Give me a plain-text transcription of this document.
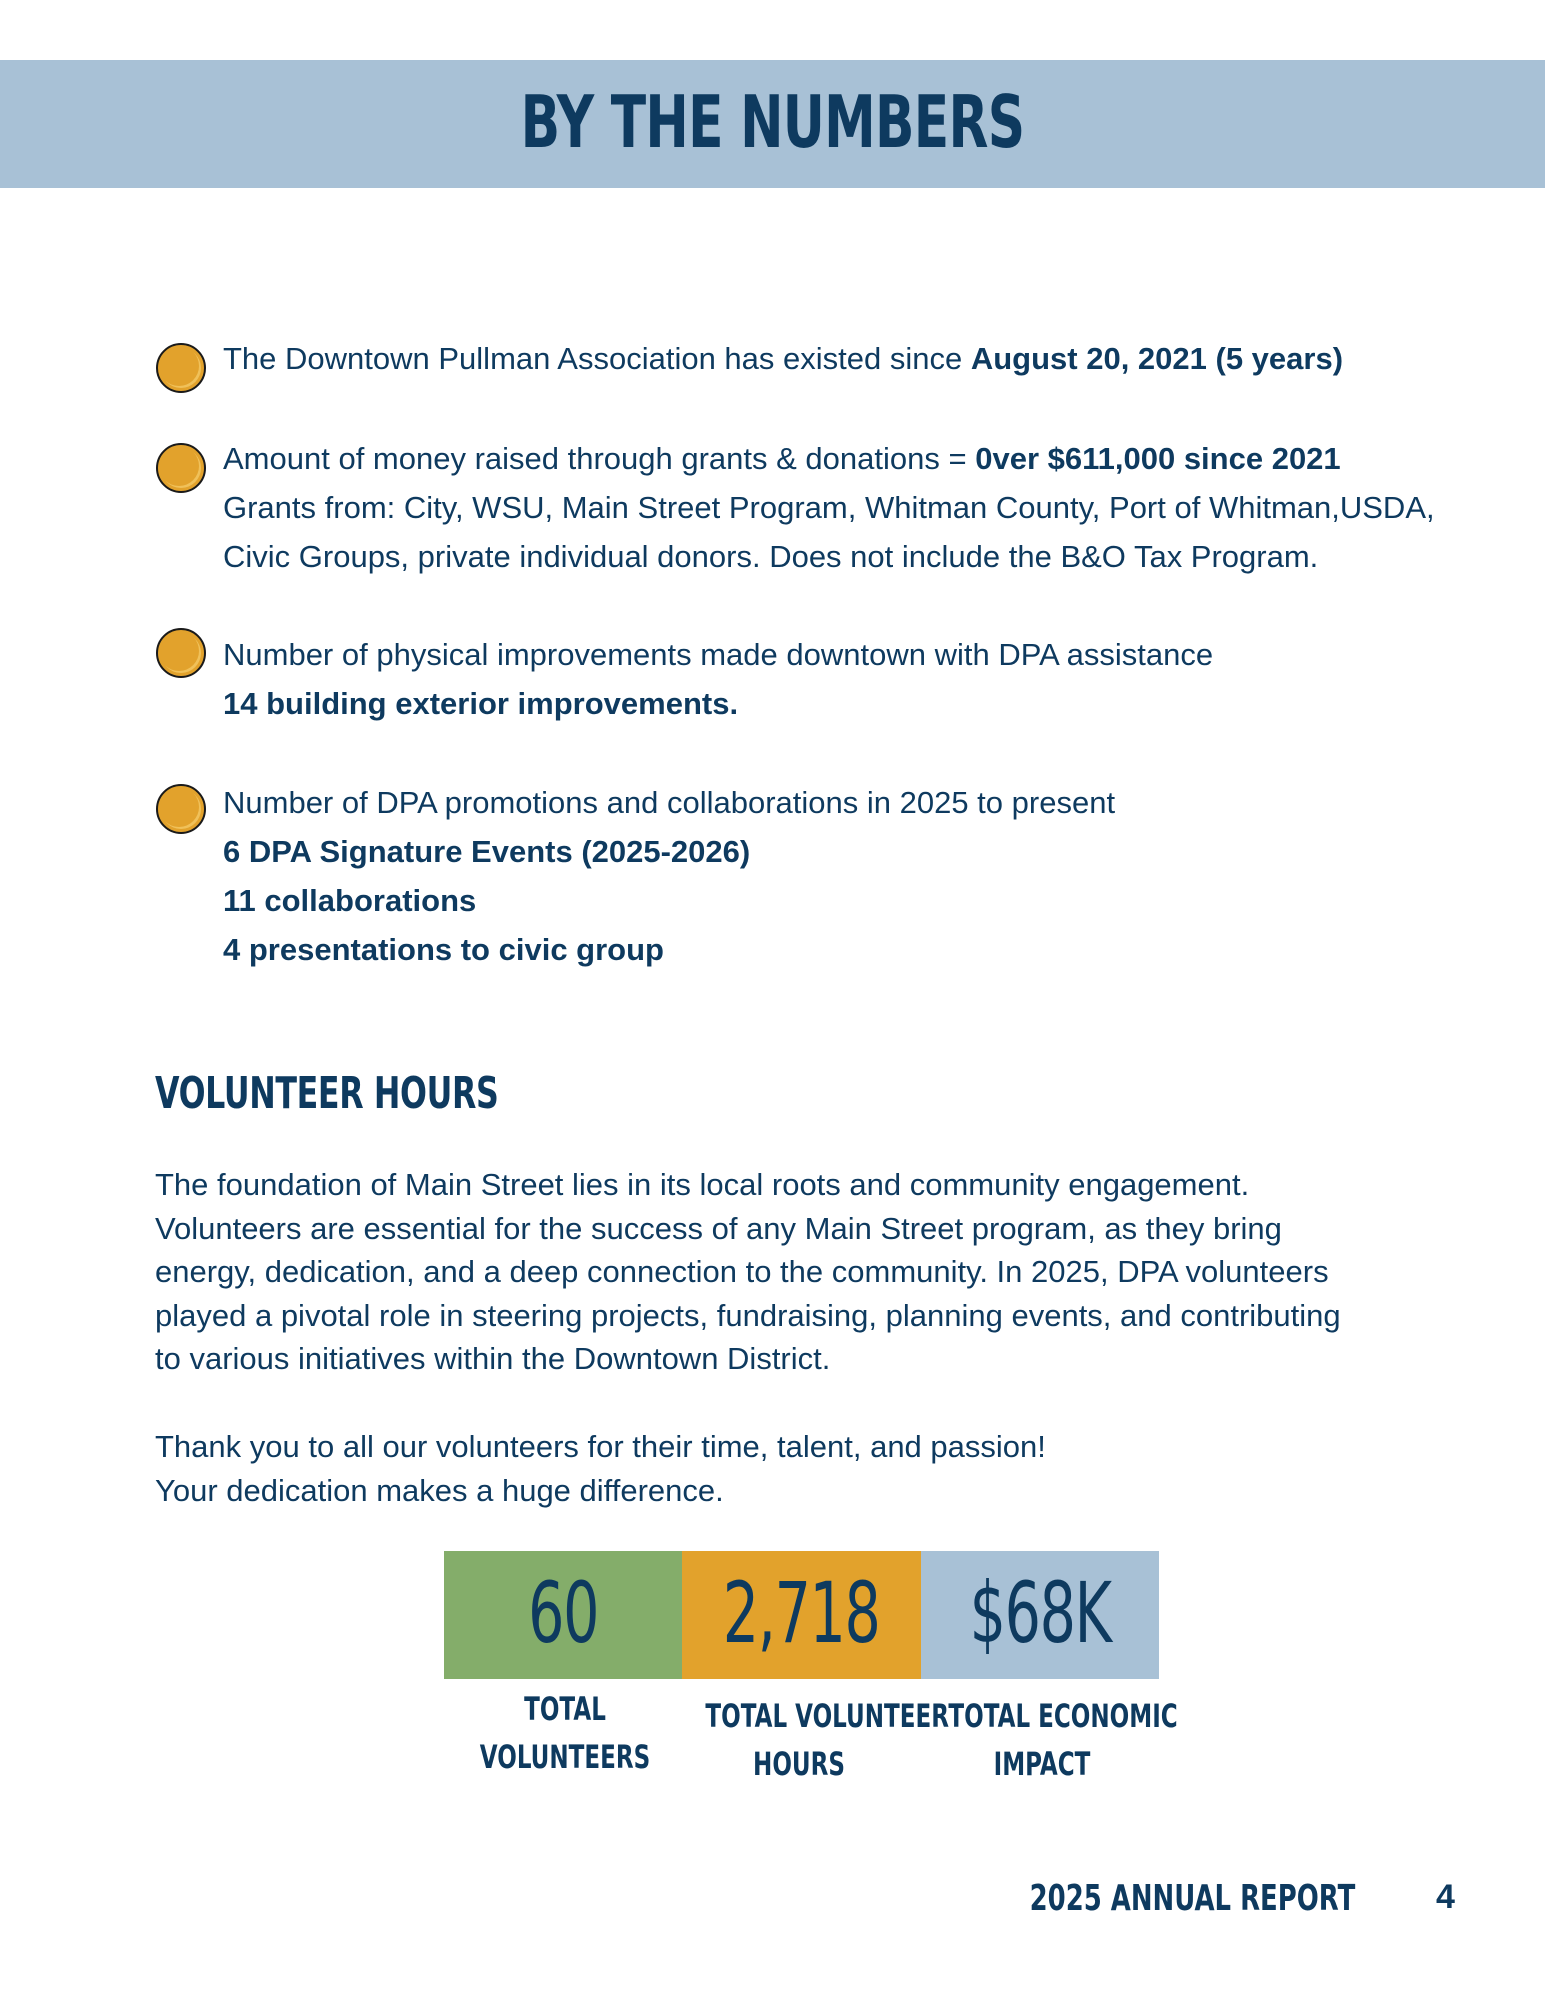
BY THE NUMBERS
The Downtown Pullman Association has existed since August 20, 2021 (5 years)
Amount of money raised through grants & donations = 0ver $611,000 since 2021
Grants from: City, WSU, Main Street Program, Whitman County, Port of Whitman,USDA,
Civic Groups, private individual donors. Does not include the B&O Tax Program.
Number of physical improvements made downtown with DPA assistance
14 building exterior improvements.
Number of DPA promotions and collaborations in 2025 to present
6 DPA Signature Events (2025-2026)
11 collaborations
4 presentations to civic group
VOLUNTEER HOURS
The foundation of Main Street lies in its local roots and community engagement.
Volunteers are essential for the success of any Main Street program, as they bring
energy, dedication, and a deep connection to the community. In 2025, DPA volunteers
played a pivotal role in steering projects, fundraising, planning events, and contributing
to various initiatives within the Downtown District.
Thank you to all our volunteers for their time, talent, and passion!
Your dedication makes a huge difference.
60	2,718 $68K
TOTAL
VOLUNTEERS
TOTAL VOLUNTEER
HOURS
TOTAL ECONOMIC
IMPACT
2025 ANNUAL REPORT 4
